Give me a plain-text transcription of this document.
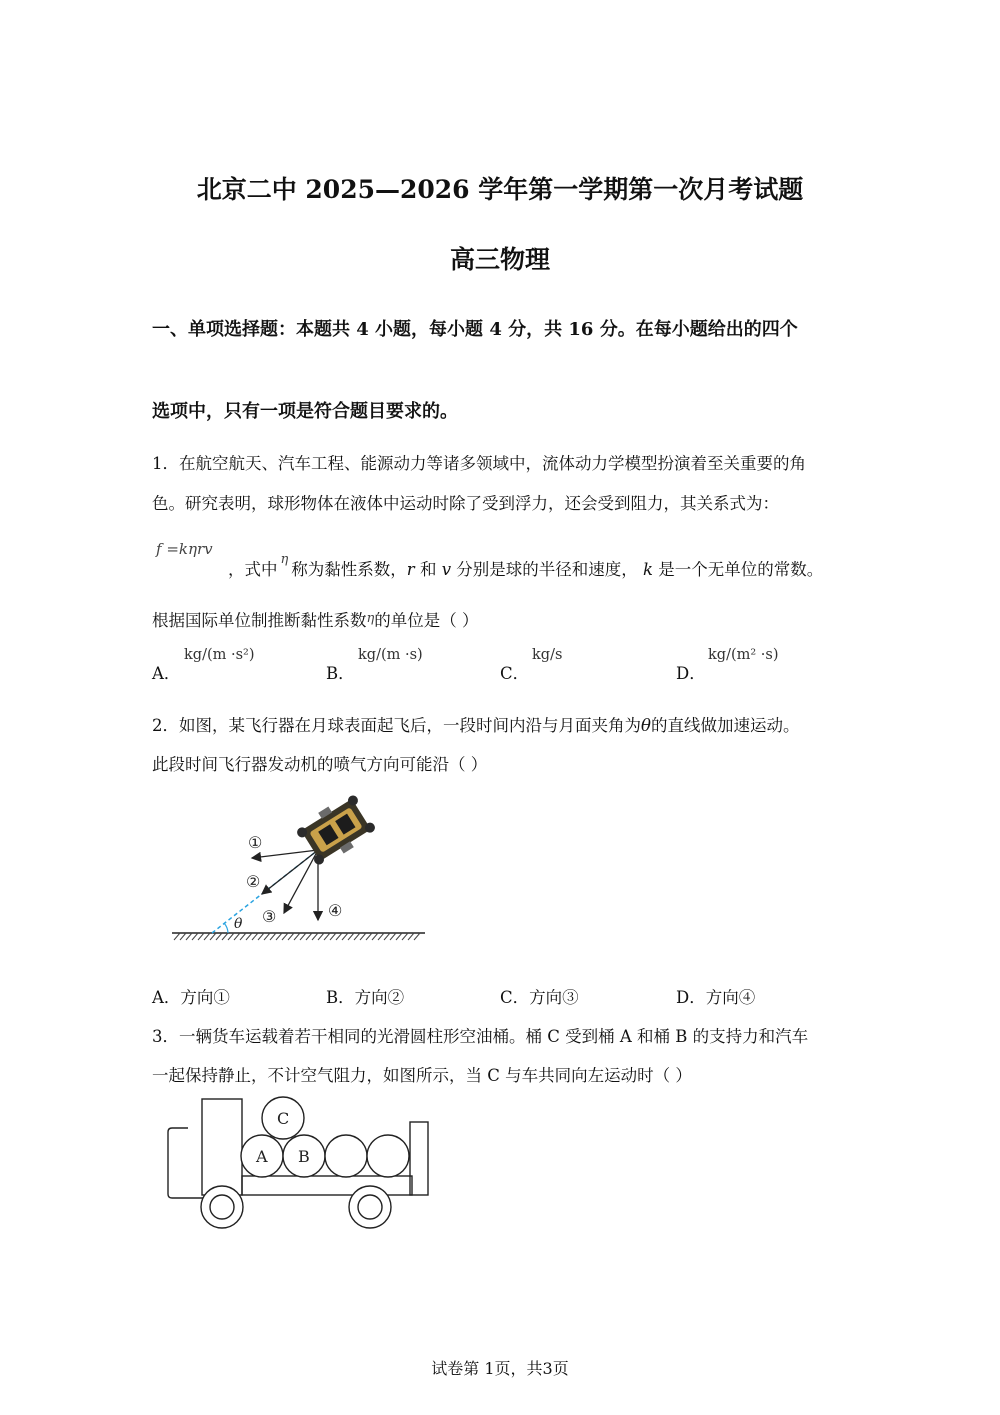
北京二中 2025—2026 学年第一学期第一次月考试题
高三物理
一、单项选择题：本题共 4 小题，每小题 4 分，共 16 分。在每小题给出的四个
选项中，只有一项是符合题目要求的。
1．在航空航天、汽车工程、能源动力等诸多领域中，流体动力学模型扮演着至关重要的角
色。研究表明，球形物体在液体中运动时除了受到浮力，还会受到阻力，其关系式为：
f =kηrv
，式中$^\eta$称为黏性系数，r 和 v 分别是球的半径和速度， k 是一个无单位的常数。
根据国际单位制推断黏性系数$^\eta$的单位是（ ）
A．
kg/(m ·s²)
B．
kg/(m ·s)
C．
kg/s
D．
kg/(m² ·s)
2．如图，某飞行器在月球表面起飞后，一段时间内沿与月面夹角为θ的直线做加速运动。
此段时间飞行器发动机的喷气方向可能沿（ ）
θ
①
②
③	④
A．方向①	B．方向②	C．方向③	D．方向④
3．一辆货车运载着若干相同的光滑圆柱形空油桶。桶 C 受到桶 A 和桶 B 的支持力和汽车
一起保持静止，不计空气阻力，如图所示，当 C 与车共同向左运动时（ ）
C
A B
试卷第 1页，共3页
